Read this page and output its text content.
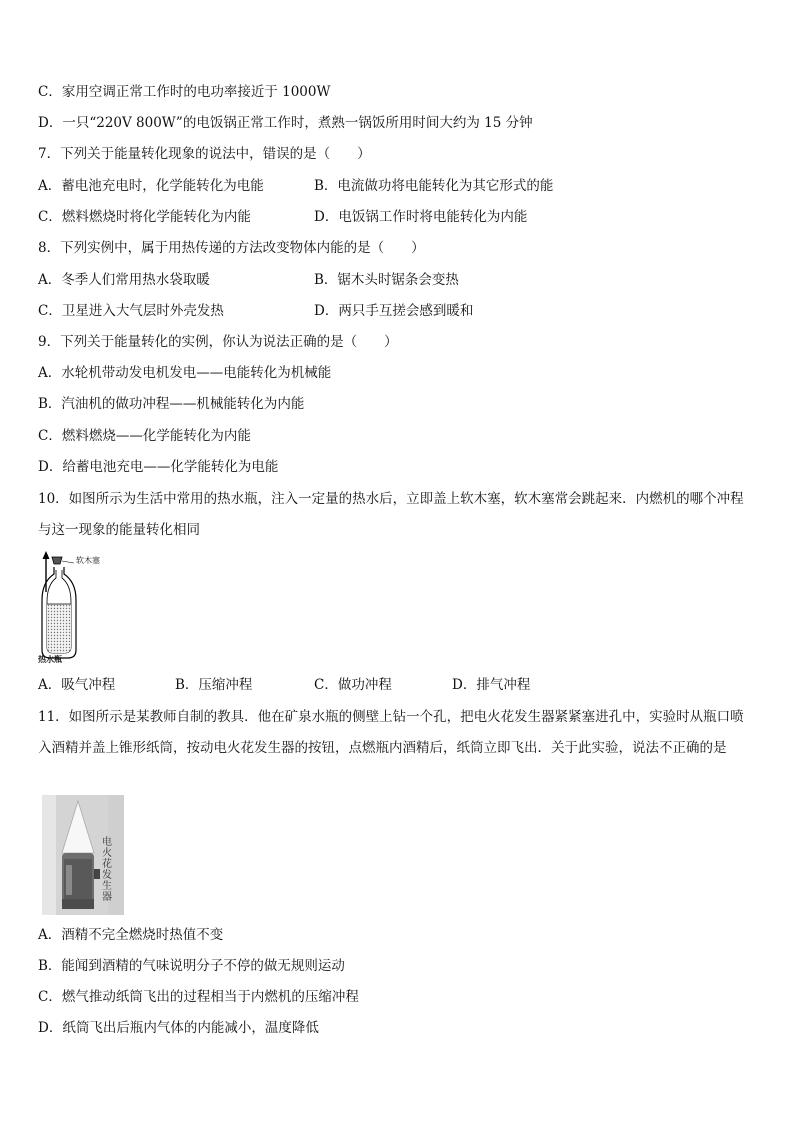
C．家用空调正常工作时的电功率接近于 1000W
D．一只“220V 800W”的电饭锅正常工作时，煮熟一锅饭所用时间大约为 15 分钟
7．下列关于能量转化现象的说法中，错误的是（　　）
A．蓄电池充电时，化学能转化为电能	B．电流做功将电能转化为其它形式的能
C．燃料燃烧时将化学能转化为内能	D．电饭锅工作时将电能转化为内能
8．下列实例中，属于用热传递的方法改变物体内能的是（　　）
A．冬季人们常用热水袋取暖	B．锯木头时锯条会变热
C．卫星进入大气层时外壳发热	D．两只手互搓会感到暖和
9．下列关于能量转化的实例，你认为说法正确的是（　　）
A．水轮机带动发电机发电——电能转化为机械能
B．汽油机的做功冲程——机械能转化为内能
C．燃料燃烧——化学能转化为内能
D．给蓄电池充电——化学能转化为电能
10．如图所示为生活中常用的热水瓶，注入一定量的热水后，立即盖上软木塞，软木塞常会跳起来．内燃机的哪个冲程与这一现象的能量转化相同
软木塞
热水瓶
A．吸气冲程	B．压缩冲程	C．做功冲程	D．排气冲程
11．如图所示是某教师自制的教具．他在矿泉水瓶的侧壁上钻一个孔，把电火花发生器紧紧塞进孔中，实验时从瓶口喷入酒精并盖上锥形纸筒，按动电火花发生器的按钮，点燃瓶内酒精后，纸筒立即飞出．关于此实验，说法不正确的是
电火花发生器
A．酒精不完全燃烧时热值不变
B．能闻到酒精的气味说明分子不停的做无规则运动
C．燃气推动纸筒飞出的过程相当于内燃机的压缩冲程
D．纸筒飞出后瓶内气体的内能减小，温度降低
